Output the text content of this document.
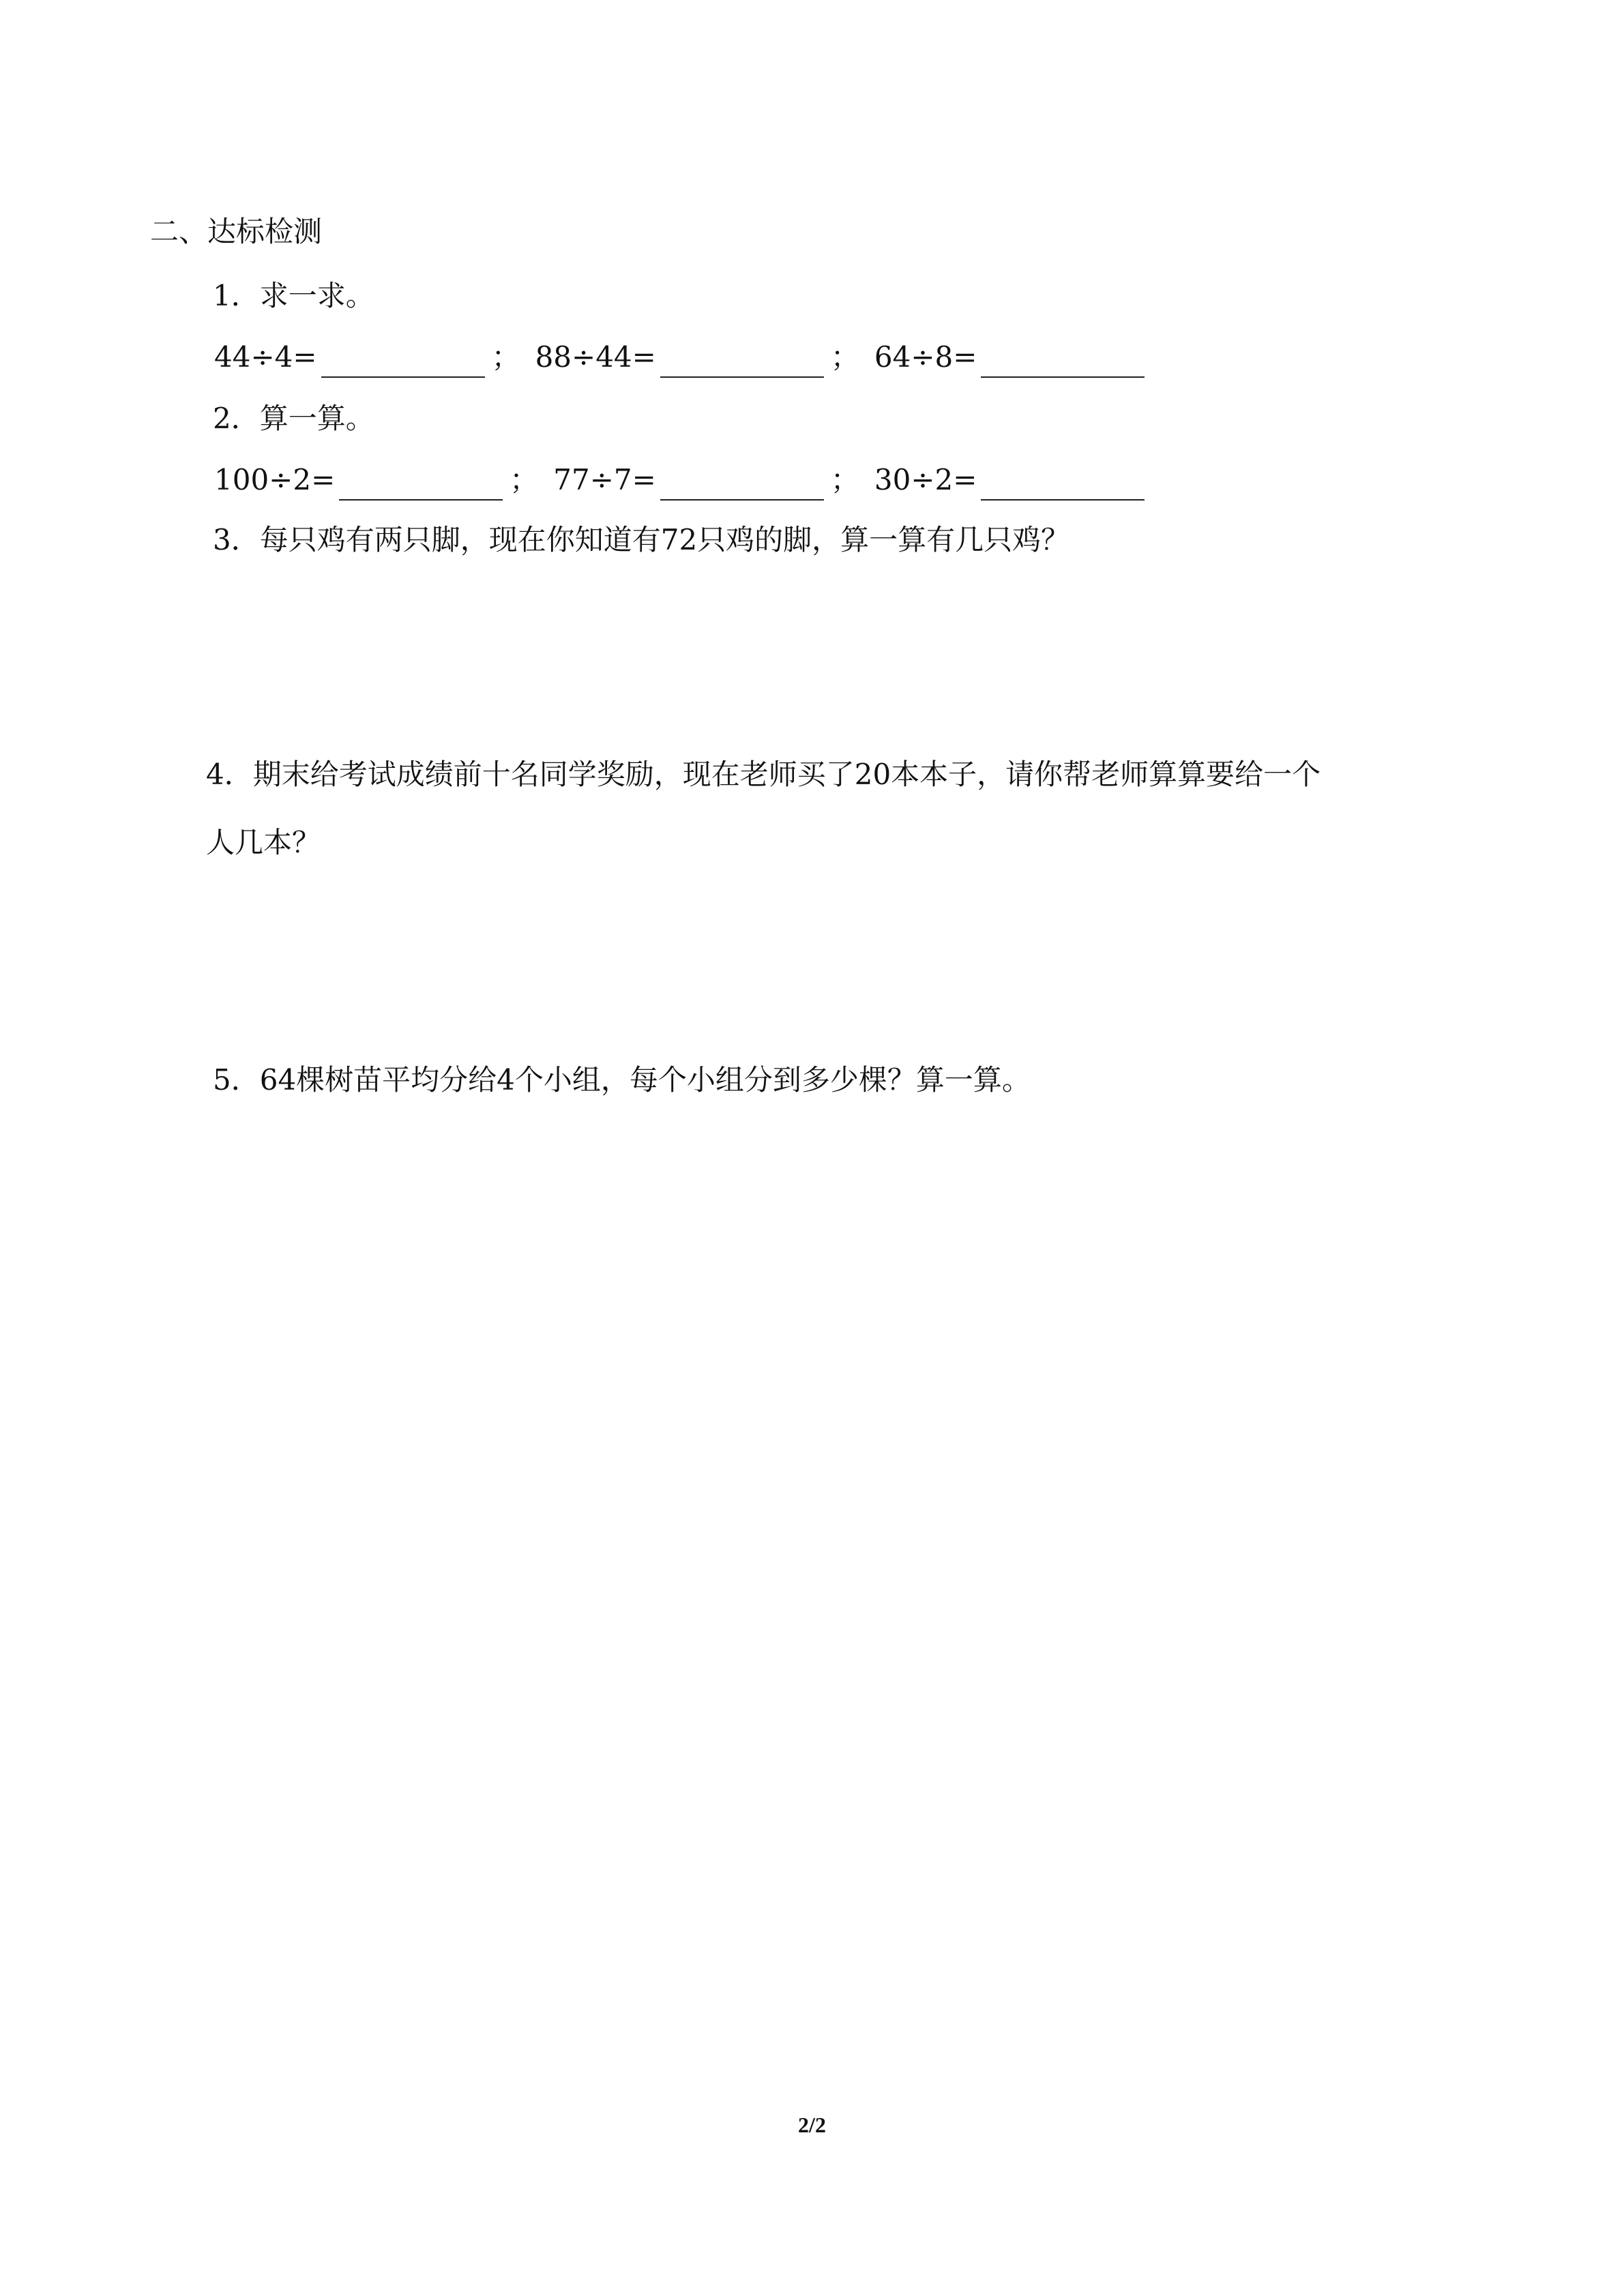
二、达标检测
1．求一求。
44÷4=	； 88÷44=	； 64÷8=
2．算一算。
100÷2=	； 77÷7=	； 30÷2=
3．每只鸡有两只脚，现在你知道有72只鸡的脚，算一算有几只鸡？
4．期末给考试成绩前十名同学奖励，现在老师买了20本本子，请你帮老师算算要给一个
人几本？
5．64棵树苗平均分给4个小组，每个小组分到多少棵？算一算。
2/2
